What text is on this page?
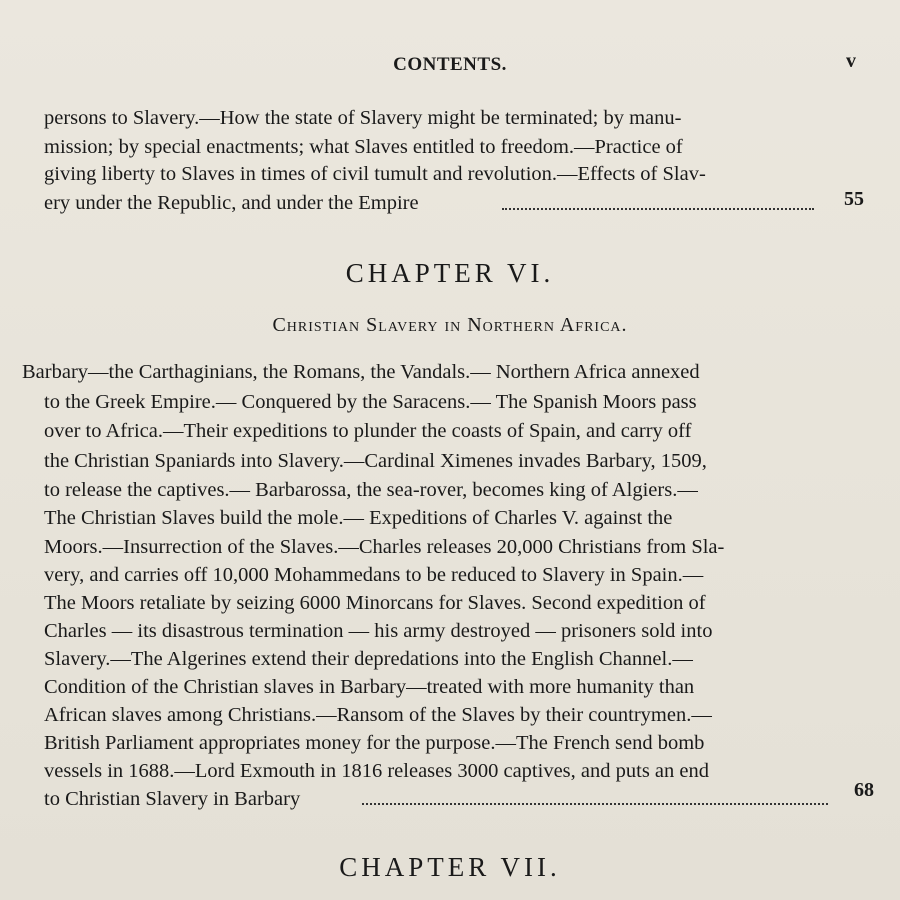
CONTENTS.	v
persons to Slavery.—How the state of Slavery might be terminated; by manu-
mission; by special enactments; what Slaves entitled to freedom.—Practice of
giving liberty to Slaves in times of civil tumult and revolution.—Effects of Slav-
ery under the Republic, and under the Empire	55
CHAPTER VI.
Christian Slavery in Northern Africa.
Barbary—the Carthaginians, the Romans, the Vandals.— Northern Africa annexed
to the Greek Empire.— Conquered by the Saracens.— The Spanish Moors pass
over to Africa.—Their expeditions to plunder the coasts of Spain, and carry off
the Christian Spaniards into Slavery.—Cardinal Ximenes invades Barbary, 1509,
to release the captives.— Barbarossa, the sea-rover, becomes king of Algiers.—
The Christian Slaves build the mole.— Expeditions of Charles V. against the
Moors.—Insurrection of the Slaves.—Charles releases 20,000 Christians from Sla-
very, and carries off 10,000 Mohammedans to be reduced to Slavery in Spain.—
The Moors retaliate by seizing 6000 Minorcans for Slaves. Second expedition of
Charles — its disastrous termination — his army destroyed — prisoners sold into
Slavery.—The Algerines extend their depredations into the English Channel.—
Condition of the Christian slaves in Barbary—treated with more humanity than
African slaves among Christians.—Ransom of the Slaves by their countrymen.—
British Parliament appropriates money for the purpose.—The French send bomb
vessels in 1688.—Lord Exmouth in 1816 releases 3000 captives, and puts an end
to Christian Slavery in Barbary	68
CHAPTER VII.
